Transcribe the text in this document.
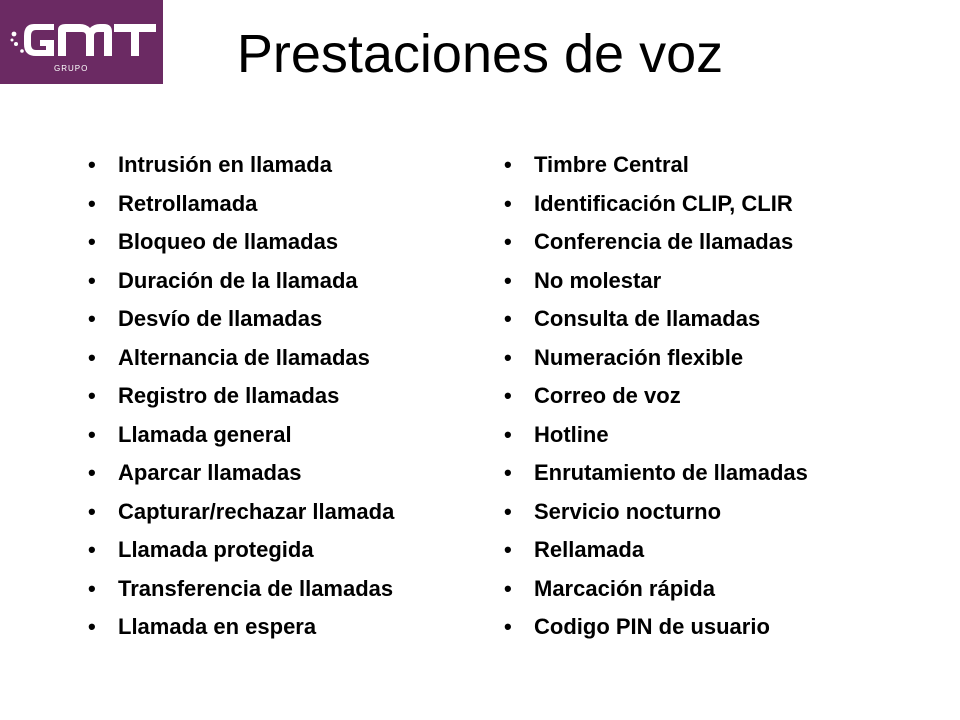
GRUPO	Prestaciones de voz
• Intrusión en llamada
• Retrollamada
• Bloqueo de llamadas
• Duración de la llamada
• Desvío de llamadas
• Alternancia de llamadas
• Registro de llamadas
• Llamada general
• Aparcar llamadas
• Capturar/rechazar llamada
• Llamada protegida
• Transferencia de llamadas
• Llamada en espera
• Timbre Central
• Identificación CLIP, CLIR
• Conferencia de llamadas
• No molestar
• Consulta de llamadas
• Numeración flexible
• Correo de voz
• Hotline
• Enrutamiento de llamadas
• Servicio nocturno
• Rellamada
• Marcación rápida
• Codigo PIN de usuario
